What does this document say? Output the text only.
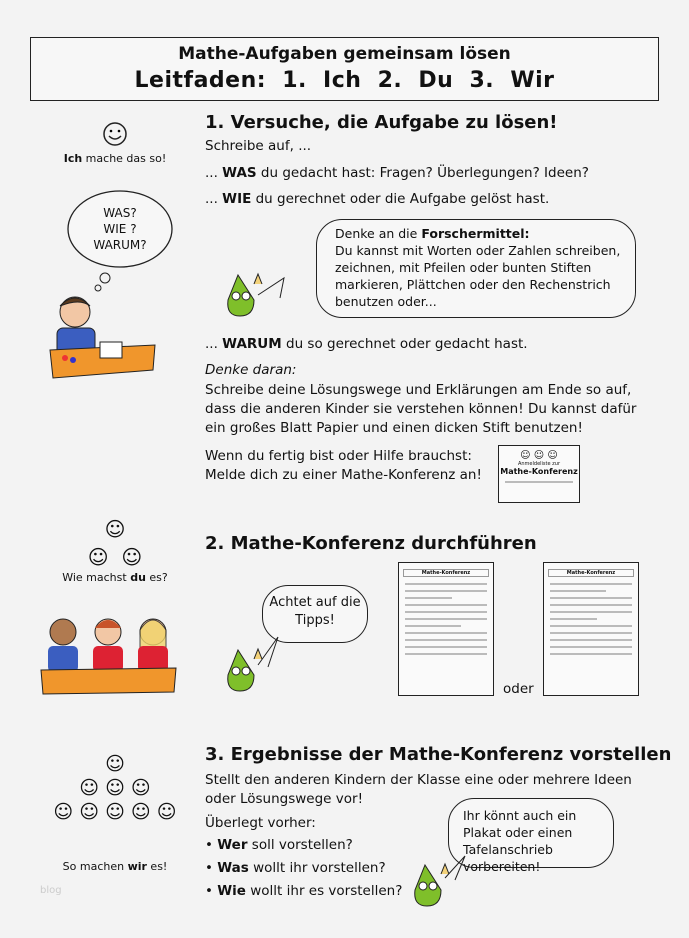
Mathe-Aufgaben gemeinsam lösen
Leitfaden: 1. Ich 2. Du 3. Wir
Ich mache das so!
WAS?
WIE ?
WARUM?
1. Versuche, die Aufgabe zu lösen!
Schreibe auf, ...
... WAS du gedacht hast: Fragen? Überlegungen? Ideen?
... WIE du gerechnet oder die Aufgabe gelöst hast.
Denke an die Forschermittel:
Du kannst mit Worten oder Zahlen schreiben, zeichnen, mit Pfeilen oder bunten Stiften markieren, Plättchen oder den Rechenstrich benutzen oder...
... WARUM du so gerechnet oder gedacht hast.
Denke daran:
Schreibe deine Lösungswege und Erklärungen am Ende so auf, dass die anderen Kinder sie verstehen können! Du kannst dafür ein großes Blatt Papier und einen dicken Stift benutzen!
Wenn du fertig bist oder Hilfe brauchst:
Melde dich zu einer Mathe-Konferenz an!
☺ ☺ ☺
Anmeldeliste zur
Mathe-Konferenz
☺
☺  ☺
Wie machst du es?
2. Mathe-Konferenz durchführen
Achtet auf die Tipps!
Mathe-Konferenz
oder
Mathe-Konferenz
☺
☺ ☺ ☺
☺ ☺ ☺ ☺ ☺
So machen wir es!
3. Ergebnisse der Mathe-Konferenz vorstellen
Stellt den anderen Kindern der Klasse eine oder mehrere Ideen oder Lösungswege vor!
Überlegt vorher:
• Wer soll vorstellen?
• Was wollt ihr vorstellen?
• Wie wollt ihr es vorstellen?
Ihr könnt auch ein Plakat oder einen Tafelanschrieb vorbereiten!
blog
